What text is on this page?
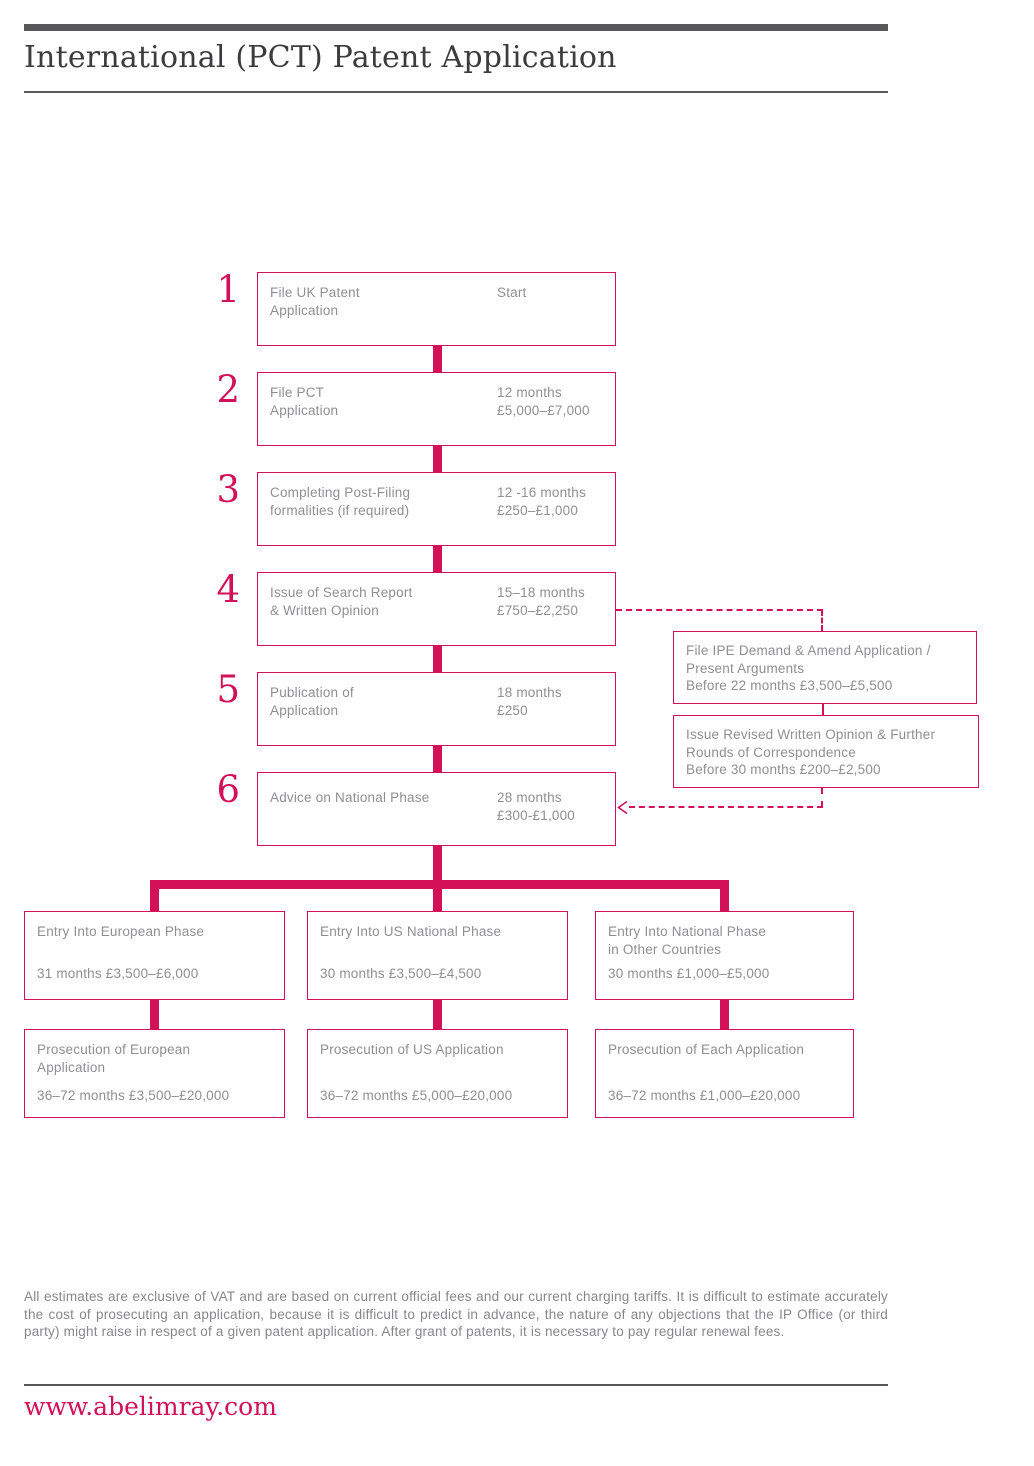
International (PCT) Patent Application
1
2
3
4
5
6
File UK Patent
Application
Start
File PCT
Application
12 months
£5,000–£7,000
Completing Post-Filing
formalities (if required)
12 -16 months
£250–£1,000
Issue of Search Report
& Written Opinion
15–18 months
£750–£2,250
Publication of
Application
18 months
£250
Advice on National Phase	28 months
£300-£1,000
File IPE Demand & Amend Application /
Present Arguments
Before 22 months £3,500–£5,500
Issue Revised Written Opinion & Further
Rounds of Correspondence
Before 30 months £200–£2,500
Entry Into European Phase
31 months £3,500–£6,000
Entry Into US National Phase
30 months £3,500–£4,500
Entry Into National Phase
in Other Countries
30 months £1,000–£5,000
Prosecution of European
Application
36–72 months £3,500–£20,000
Prosecution of US Application
36–72 months £5,000–£20,000
Prosecution of Each Application
36–72 months £1,000–£20,000

All estimates are exclusive of VAT and are based on current official fees and our current charging tariffs. It is difficult to estimate accurately the cost of prosecuting an application, because it is difficult to predict in advance, the nature of any objections that the IP Office (or third party) might raise in respect of a given patent application. After grant of patents, it is necessary to pay regular renewal fees.

www.abelimray.com
